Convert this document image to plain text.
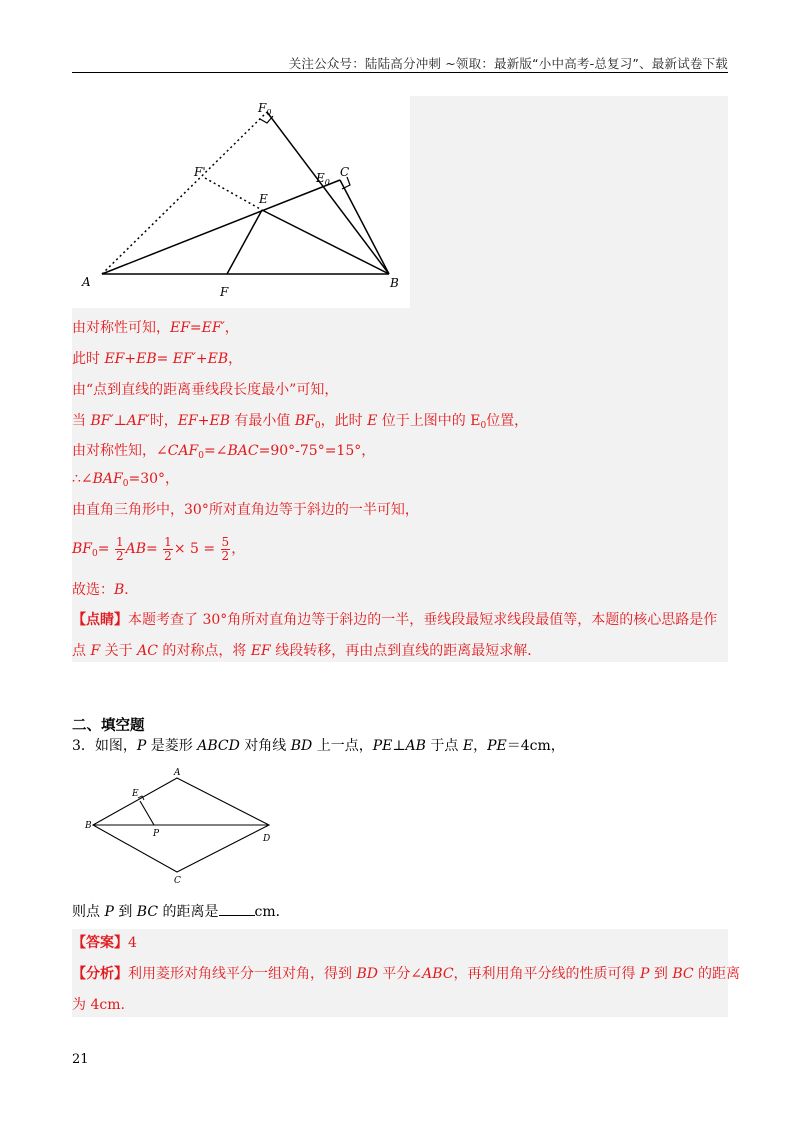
关注公众号：陆陆高分冲刺 ~领取：最新版“小中高考-总复习”、最新试卷下载
$F_0$
F'	$E_0$
C
E
A
F
B
由对称性可知，EF=EF′，
此时 EF+EB= EF′+EB，
由“点到直线的距离垂线段长度最小”可知，
当 BF′⊥AF′时，EF+EB 有最小值 $BF_0$，此时 E 位于上图中的 $E_0$位置，
由对称性知，$\angle CAF_0=\angle BAC=90^\circ-75^\circ=15^\circ$，
$\therefore\angle BAF_0=30^\circ$，
由直角三角形中，30°所对直角边等于斜边的一半可知，
$BF_0= \frac{1}{2} AB= \frac{1}{2} \times 5 = \frac{5}{2}$ ，
故选：B．
【点睛】本题考查了 30°角所对直角边等于斜边的一半，垂线段最短求线段最值等，本题的核心思路是作
点 F 关于 AC 的对称点，将 EF 线段转移，再由点到直线的距离最短求解．
二、填空题
3．如图，P 是菱形 ABCD 对角线 BD 上一点，PE⊥AB 于点 E，PE＝4cm，
A
E
B
P	D
C
则点 P 到 BC 的距离是	cm．
【答案】4
【分析】利用菱形对角线平分一组对角，得到 BD 平分∠ABC，再利用角平分线的性质可得 P 到 BC 的距离
为 4cm.
21
